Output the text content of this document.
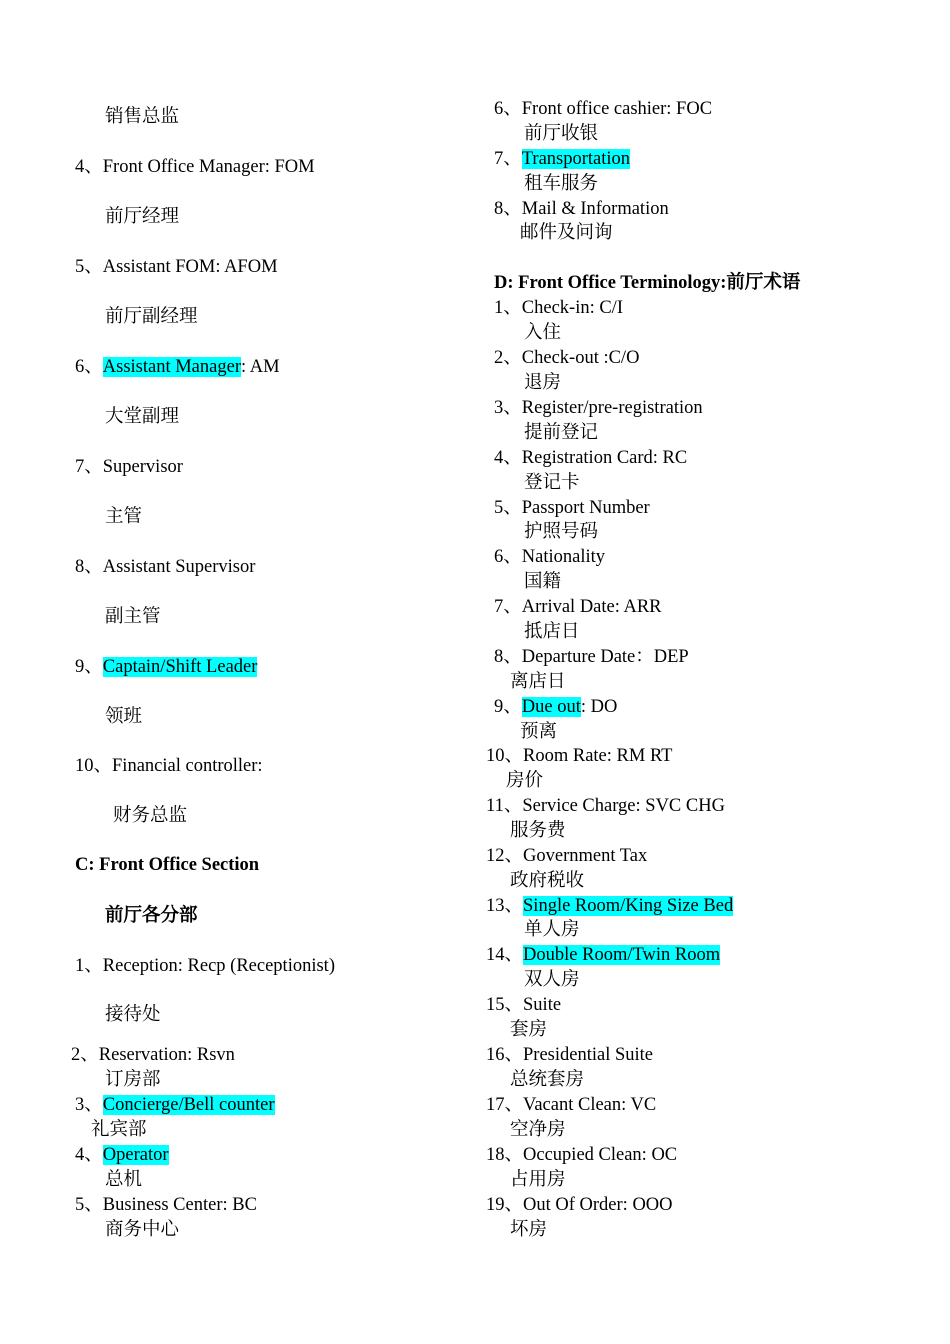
销售总监
4、Front Office Manager: FOM
前厅经理
5、Assistant FOM: AFOM
前厅副经理
6、Assistant Manager: AM
大堂副理
7、Supervisor
主管
8、Assistant Supervisor
副主管
9、Captain/Shift Leader
领班
10、Financial controller:
财务总监
C: Front Office Section
前厅各分部
1、Reception: Recp (Receptionist)
接待处
2、Reservation: Rsvn
订房部
3、Concierge/Bell counter
礼宾部
4、Operator
总机
5、Business Center: BC
商务中心
6、Front office cashier: FOC
前厅收银
7、Transportation
租车服务
8、Mail & Information
邮件及问询
D: Front Office Terminology:前厅术语
1、Check-in: C/I
入住
2、Check-out :C/O
退房
3、Register/pre-registration
提前登记
4、Registration Card: RC
登记卡
5、Passport Number
护照号码
6、Nationality
国籍
7、Arrival Date: ARR
抵店日
8、Departure Date：DEP
离店日
9、Due out: DO
预离
10、Room Rate: RM RT
房价
11、Service Charge: SVC CHG
服务费
12、Government Tax
政府税收
13、Single Room/King Size Bed
单人房
14、Double Room/Twin Room
双人房
15、Suite
套房
16、Presidential Suite
总统套房
17、Vacant Clean: VC
空净房
18、Occupied Clean: OC
占用房
19、Out Of Order: OOO
坏房
